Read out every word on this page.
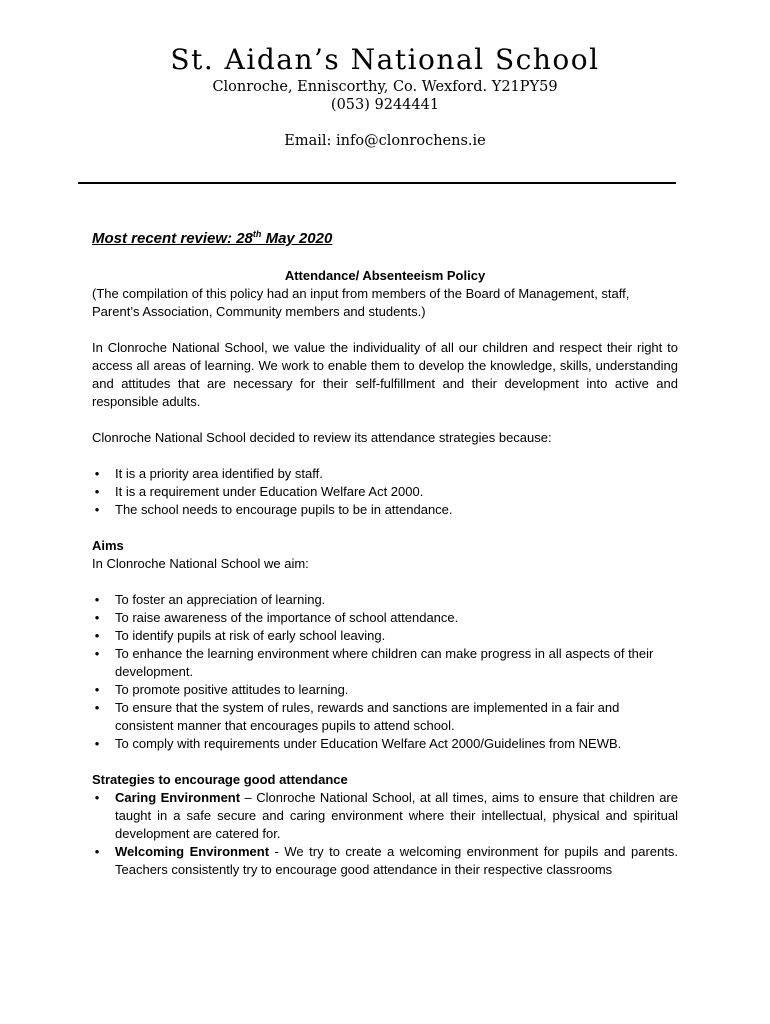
St. Aidan’s National School
Clonroche, Enniscorthy, Co. Wexford. Y21PY59
(053) 9244441
Email: info@clonrochens.ie
Most recent review: 28th May 2020
Attendance/ Absenteeism Policy

(The compilation of this policy had an input from members of the Board of Management, staff, Parent’s Association, Community members and students.)

In Clonroche National School, we value the individuality of all our children and respect their right to access all areas of learning. We work to enable them to develop the knowledge, skills, understanding and attitudes that are necessary for their self-fulfillment and their development into active and responsible adults.

Clonroche National School decided to review its attendance strategies because:

• It is a priority area identified by staff.
• It is a requirement under Education Welfare Act 2000.
• The school needs to encourage pupils to be in attendance.
Aims

In Clonroche National School we aim:

• To foster an appreciation of learning.
• To raise awareness of the importance of school attendance.
• To identify pupils at risk of early school leaving.
• To enhance the learning environment where children can make progress in all aspects of their development.
• To promote positive attitudes to learning.
• To ensure that the system of rules, rewards and sanctions are implemented in a fair and consistent manner that encourages pupils to attend school.
• To comply with requirements under Education Welfare Act 2000/Guidelines from NEWB.

Strategies to encourage good attendance

• Caring Environment – Clonroche National School, at all times, aims to ensure that children are taught in a safe secure and caring environment where their intellectual, physical and spiritual development are catered for.
• Welcoming Environment - We try to create a welcoming environment for pupils and parents. Teachers consistently try to encourage good attendance in their respective classrooms
